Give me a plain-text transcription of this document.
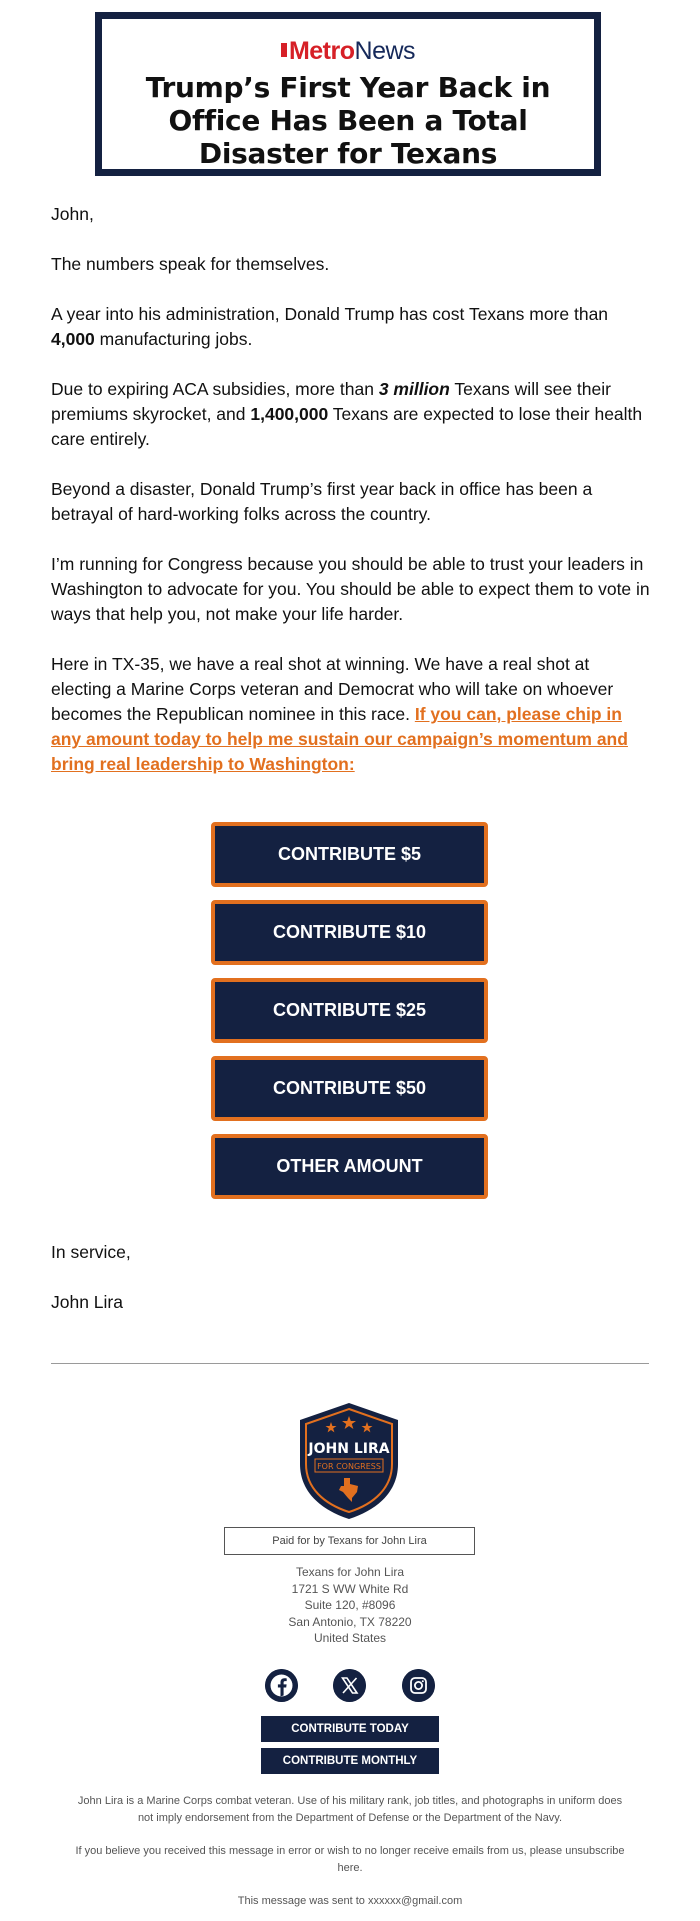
MetroNews
Trump’s First Year Back in Office Has Been a Total Disaster for Texans

John,

The numbers speak for themselves.

A year into his administration, Donald Trump has cost Texans more than 4,000 manufacturing jobs.

Due to expiring ACA subsidies, more than 3 million Texans will see their premiums skyrocket, and 1,400,000 Texans are expected to lose their health care entirely.

Beyond a disaster, Donald Trump’s first year back in office has been a betrayal of hard-working folks across the country.

I’m running for Congress because you should be able to trust your leaders in Washington to advocate for you. You should be able to expect them to vote in ways that help you, not make your life harder.

Here in TX-35, we have a real shot at winning. We have a real shot at electing a Marine Corps veteran and Democrat who will take on whoever becomes the Republican nominee in this race. If you can, please chip in any amount today to help me sustain our campaign’s momentum and bring real leadership to Washington:

CONTRIBUTE $5
CONTRIBUTE $10
CONTRIBUTE $25
CONTRIBUTE $50
OTHER AMOUNT

In service,

John Lira

JOHN LIRA
FOR CONGRESS
Paid for by Texans for John Lira
Texans for John Lira
1721 S WW White Rd
Suite 120, #8096
San Antonio, TX 78220
United States
CONTRIBUTE TODAY
CONTRIBUTE MONTHLY
John Lira is a Marine Corps combat veteran. Use of his military rank, job titles, and photographs in uniform does not imply endorsement from the Department of Defense or the Department of the Navy.
If you believe you received this message in error or wish to no longer receive emails from us, please unsubscribe here.
This message was sent to xxxxxx@gmail.com
